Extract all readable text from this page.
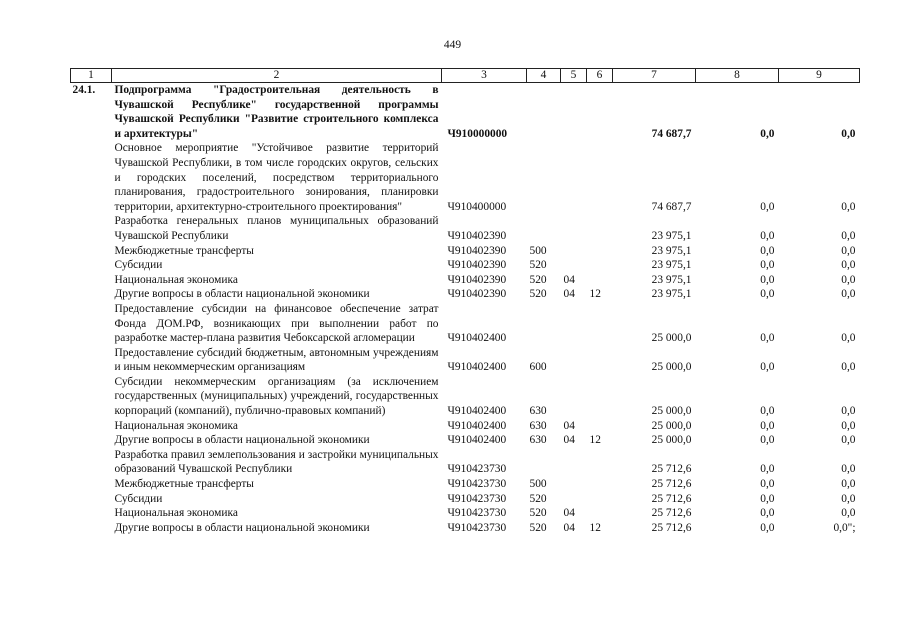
449
1	2	3	4	5	6	7	8	9
24.1.	Подпрограмма "Градостроительная деятельность в Чувашской Республике" государственной программы Чувашской Республики "Развитие строительного комплекса и архитектуры"	Ч910000000				74 687,7	0,0	0,0
	Основное мероприятие "Устойчивое развитие территорий Чувашской Республики, в том числе городских округов, сельских и городских поселений, посредством территориального планирования, градостроительного зонирования, планировки территории, архитектурно-строительного проектирования"	Ч910400000				74 687,7	0,0	0,0
	Разработка генеральных планов муниципальных образований Чувашской Республики	Ч910402390				23 975,1	0,0	0,0
	Межбюджетные трансферты	Ч910402390	500			23 975,1	0,0	0,0
	Субсидии	Ч910402390	520			23 975,1	0,0	0,0
	Национальная экономика	Ч910402390	520	04		23 975,1	0,0	0,0
	Другие вопросы в области национальной экономики	Ч910402390	520	04	12	23 975,1	0,0	0,0
	Предоставление субсидии на финансовое обеспечение затрат Фонда ДОМ.РФ, возникающих при выполнении работ по разработке мастер-плана развития Чебоксарской агломерации	Ч910402400				25 000,0	0,0	0,0
	Предоставление субсидий бюджетным, автономным учреждениям и иным некоммерческим организациям	Ч910402400	600			25 000,0	0,0	0,0
	Субсидии некоммерческим организациям (за исключением государственных (муниципальных) учреждений, государственных корпораций (компаний), публично-правовых компаний)	Ч910402400	630			25 000,0	0,0	0,0
	Национальная экономика	Ч910402400	630	04		25 000,0	0,0	0,0
	Другие вопросы в области национальной экономики	Ч910402400	630	04	12	25 000,0	0,0	0,0
	Разработка правил землепользования и застройки муниципальных образований Чувашской Республики	Ч910423730				25 712,6	0,0	0,0
	Межбюджетные трансферты	Ч910423730	500			25 712,6	0,0	0,0
	Субсидии	Ч910423730	520			25 712,6	0,0	0,0
	Национальная экономика	Ч910423730	520	04		25 712,6	0,0	0,0
	Другие вопросы в области национальной экономики	Ч910423730	520	04	12	25 712,6	0,0	0,0";
